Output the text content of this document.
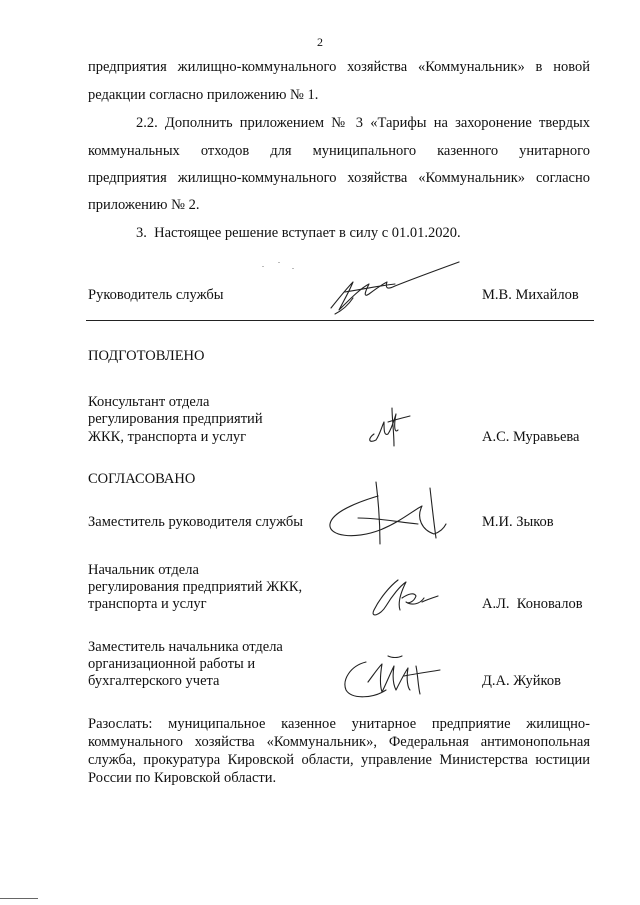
2
предприятия жилищно-коммунального хозяйства «Коммунальник» в новой
редакции согласно приложению № 1.
2.2. Дополнить приложением № 3 «Тарифы на захоронение твердых
коммунальных отходов для муниципального казенного унитарного
предприятия жилищно-коммунального хозяйства «Коммунальник» согласно
приложению № 2.
3.  Настоящее решение вступает в силу с 01.01.2020.
Руководитель службы	М.В. Михайлов
ПОДГОТОВЛЕНО
Консультант отдела
регулирования предприятий
ЖКК, транспорта и услуг	А.С. Муравьева
СОГЛАСОВАНО
Заместитель руководителя службы	М.И. Зыков
Начальник отдела
регулирования предприятий ЖКК,
транспорта и услуг	А.Л.  Коновалов
Заместитель начальника отдела
организационной работы и
бухгалтерского учета	Д.А. Жуйков
Разослать: муниципальное казенное унитарное предприятие жилищно-
коммунального хозяйства «Коммунальник», Федеральная антимонопольная
служба, прокуратура Кировской области, управление Министерства юстиции
России по Кировской области.
